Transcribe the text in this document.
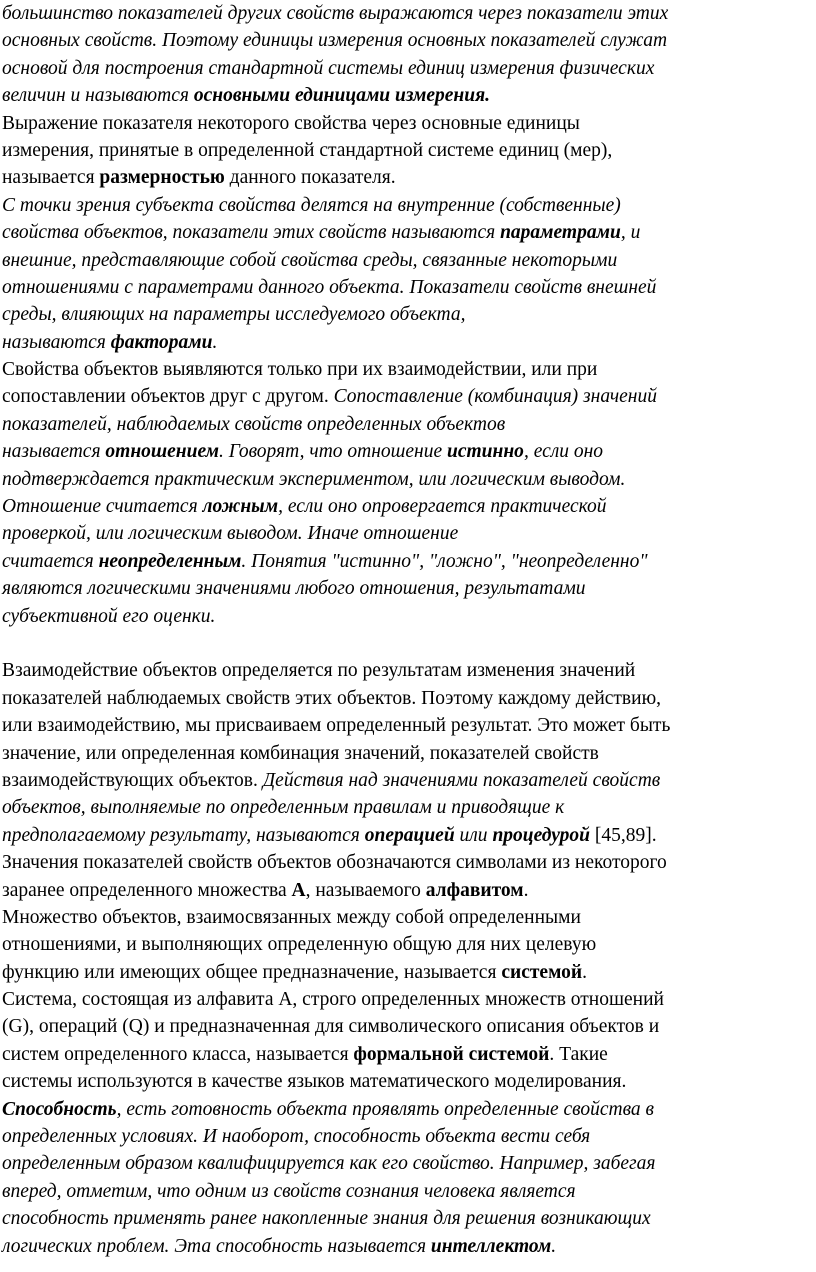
большинство показателей других свойств выражаются через показатели этих
основных свойств. Поэтому единицы измерения основных показателей служат
основой для построения стандартной системы единиц измерения физических
величин и называются основными единицами измерения.
Выражение показателя некоторого свойства через основные единицы
измерения, принятые в определенной стандартной системе единиц (мер),
называется размерностью данного показателя.
С точки зрения субъекта свойства делятся на внутренние (собственные)
свойства объектов, показатели этих свойств называются параметрами, и
внешние, представляющие собой свойства среды, связанные некоторыми
отношениями с параметрами данного объекта. Показатели свойств внешней
среды, влияющих на параметры исследуемого объекта,
называются факторами.
Свойства объектов выявляются только при их взаимодействии, или при
сопоставлении объектов друг с другом. Сопоставление (комбинация) значений
показателей, наблюдаемых свойств определенных объектов
называется отношением. Говорят, что отношение истинно, если оно
подтверждается практическим экспериментом, или логическим выводом.
Отношение считается ложным, если оно опровергается практической
проверкой, или логическим выводом. Иначе отношение
считается неопределенным. Понятия "истинно", "ложно", "неопределенно"
являются логическими значениями любого отношения, результатами
субъективной его оценки.
Взаимодействие объектов определяется по результатам изменения значений
показателей наблюдаемых свойств этих объектов. Поэтому каждому действию,
или взаимодействию, мы присваиваем определенный результат. Это может быть
значение, или определенная комбинация значений, показателей свойств
взаимодействующих объектов. Действия над значениями показателей свойств
объектов, выполняемые по определенным правилам и приводящие к
предполагаемому результату, называются операцией или процедурой [45,89].
Значения показателей свойств объектов обозначаются символами из некоторого
заранее определенного множества А, называемого алфавитом.
Множество объектов, взаимосвязанных между собой определенными
отношениями, и выполняющих определенную общую для них целевую
функцию или имеющих общее предназначение, называется системой.
Система, состоящая из алфавита А, строго определенных множеств отношений
(G), операций (Q) и предназначенная для символического описания объектов и
систем определенного класса, называется формальной системой. Такие
системы используются в качестве языков математического моделирования.
Способность, есть готовность объекта проявлять определенные свойства в
определенных условиях. И наоборот, способность объекта вести себя
определенным образом квалифицируется как его свойство. Например, забегая
вперед, отметим, что одним из свойств сознания человека является
способность применять ранее накопленные знания для решения возникающих
логических проблем. Эта способность называется интеллектом.
